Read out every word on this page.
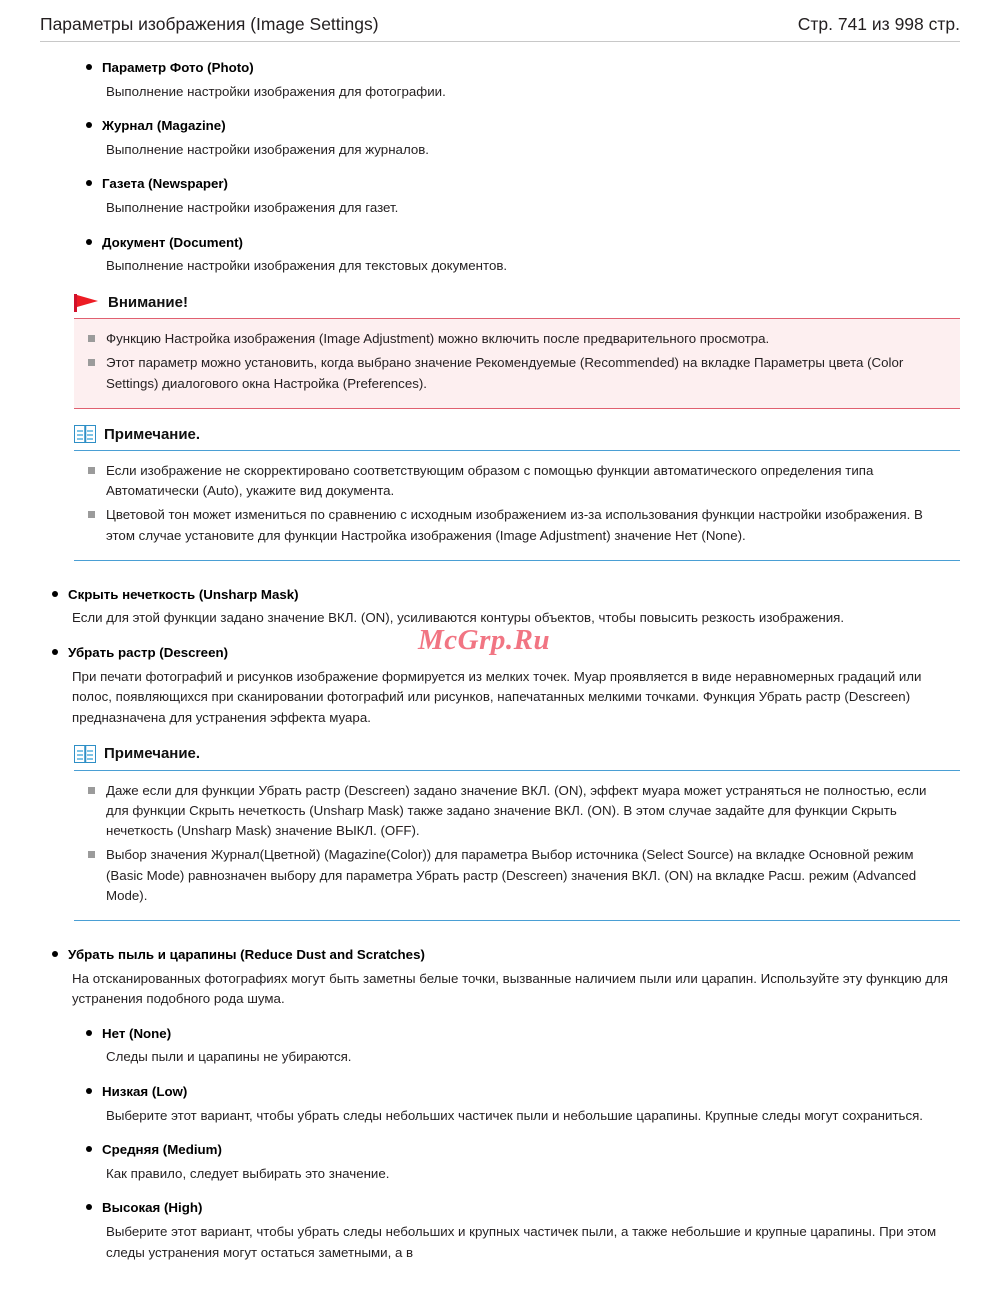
Параметры изображения (Image Settings)	Стр. 741 из 998 стр.
Параметр Фото (Photo)
Выполнение настройки изображения для фотографии.
Журнал (Magazine)
Выполнение настройки изображения для журналов.
Газета (Newspaper)
Выполнение настройки изображения для газет.
Документ (Document)
Выполнение настройки изображения для текстовых документов.
Внимание!
Функцию Настройка изображения (Image Adjustment) можно включить после предварительного просмотра.
Этот параметр можно установить, когда выбрано значение Рекомендуемые (Recommended) на вкладке Параметры цвета (Color Settings) диалогового окна Настройка (Preferences).
Примечание.
Если изображение не скорректировано соответствующим образом с помощью функции автоматического определения типа Автоматически (Auto), укажите вид документа.
Цветовой тон может измениться по сравнению с исходным изображением из-за использования функции настройки изображения. В этом случае установите для функции Настройка изображения (Image Adjustment) значение Нет (None).
Скрыть нечеткость (Unsharp Mask)
Если для этой функции задано значение ВКЛ. (ON), усиливаются контуры объектов, чтобы повысить резкость изображения.
Убрать растр (Descreen)
При печати фотографий и рисунков изображение формируется из мелких точек. Муар проявляется в виде неравномерных градаций или полос, появляющихся при сканировании фотографий или рисунков, напечатанных мелкими точками. Функция Убрать растр (Descreen) предназначена для устранения эффекта муара.
Примечание.
Даже если для функции Убрать растр (Descreen) задано значение ВКЛ. (ON), эффект муара может устраняться не полностью, если для функции Скрыть нечеткость (Unsharp Mask) также задано значение ВКЛ. (ON). В этом случае задайте для функции Скрыть нечеткость (Unsharp Mask) значение ВЫКЛ. (OFF).
Выбор значения Журнал(Цветной) (Magazine(Color)) для параметра Выбор источника (Select Source) на вкладке Основной режим (Basic Mode) равнозначен выбору для параметра Убрать растр (Descreen) значения ВКЛ. (ON) на вкладке Расш. режим (Advanced Mode).
Убрать пыль и царапины (Reduce Dust and Scratches)
На отсканированных фотографиях могут быть заметны белые точки, вызванные наличием пыли или царапин. Используйте эту функцию для устранения подобного рода шума.
Нет (None)
Следы пыли и царапины не убираются.
Низкая (Low)
Выберите этот вариант, чтобы убрать следы небольших частичек пыли и небольшие царапины. Крупные следы могут сохраниться.
Средняя (Medium)
Как правило, следует выбирать это значение.
Высокая (High)
Выберите этот вариант, чтобы убрать следы небольших и крупных частичек пыли, а также небольшие и крупные царапины. При этом следы устранения могут остаться заметными, а в
McGrp.Ru
